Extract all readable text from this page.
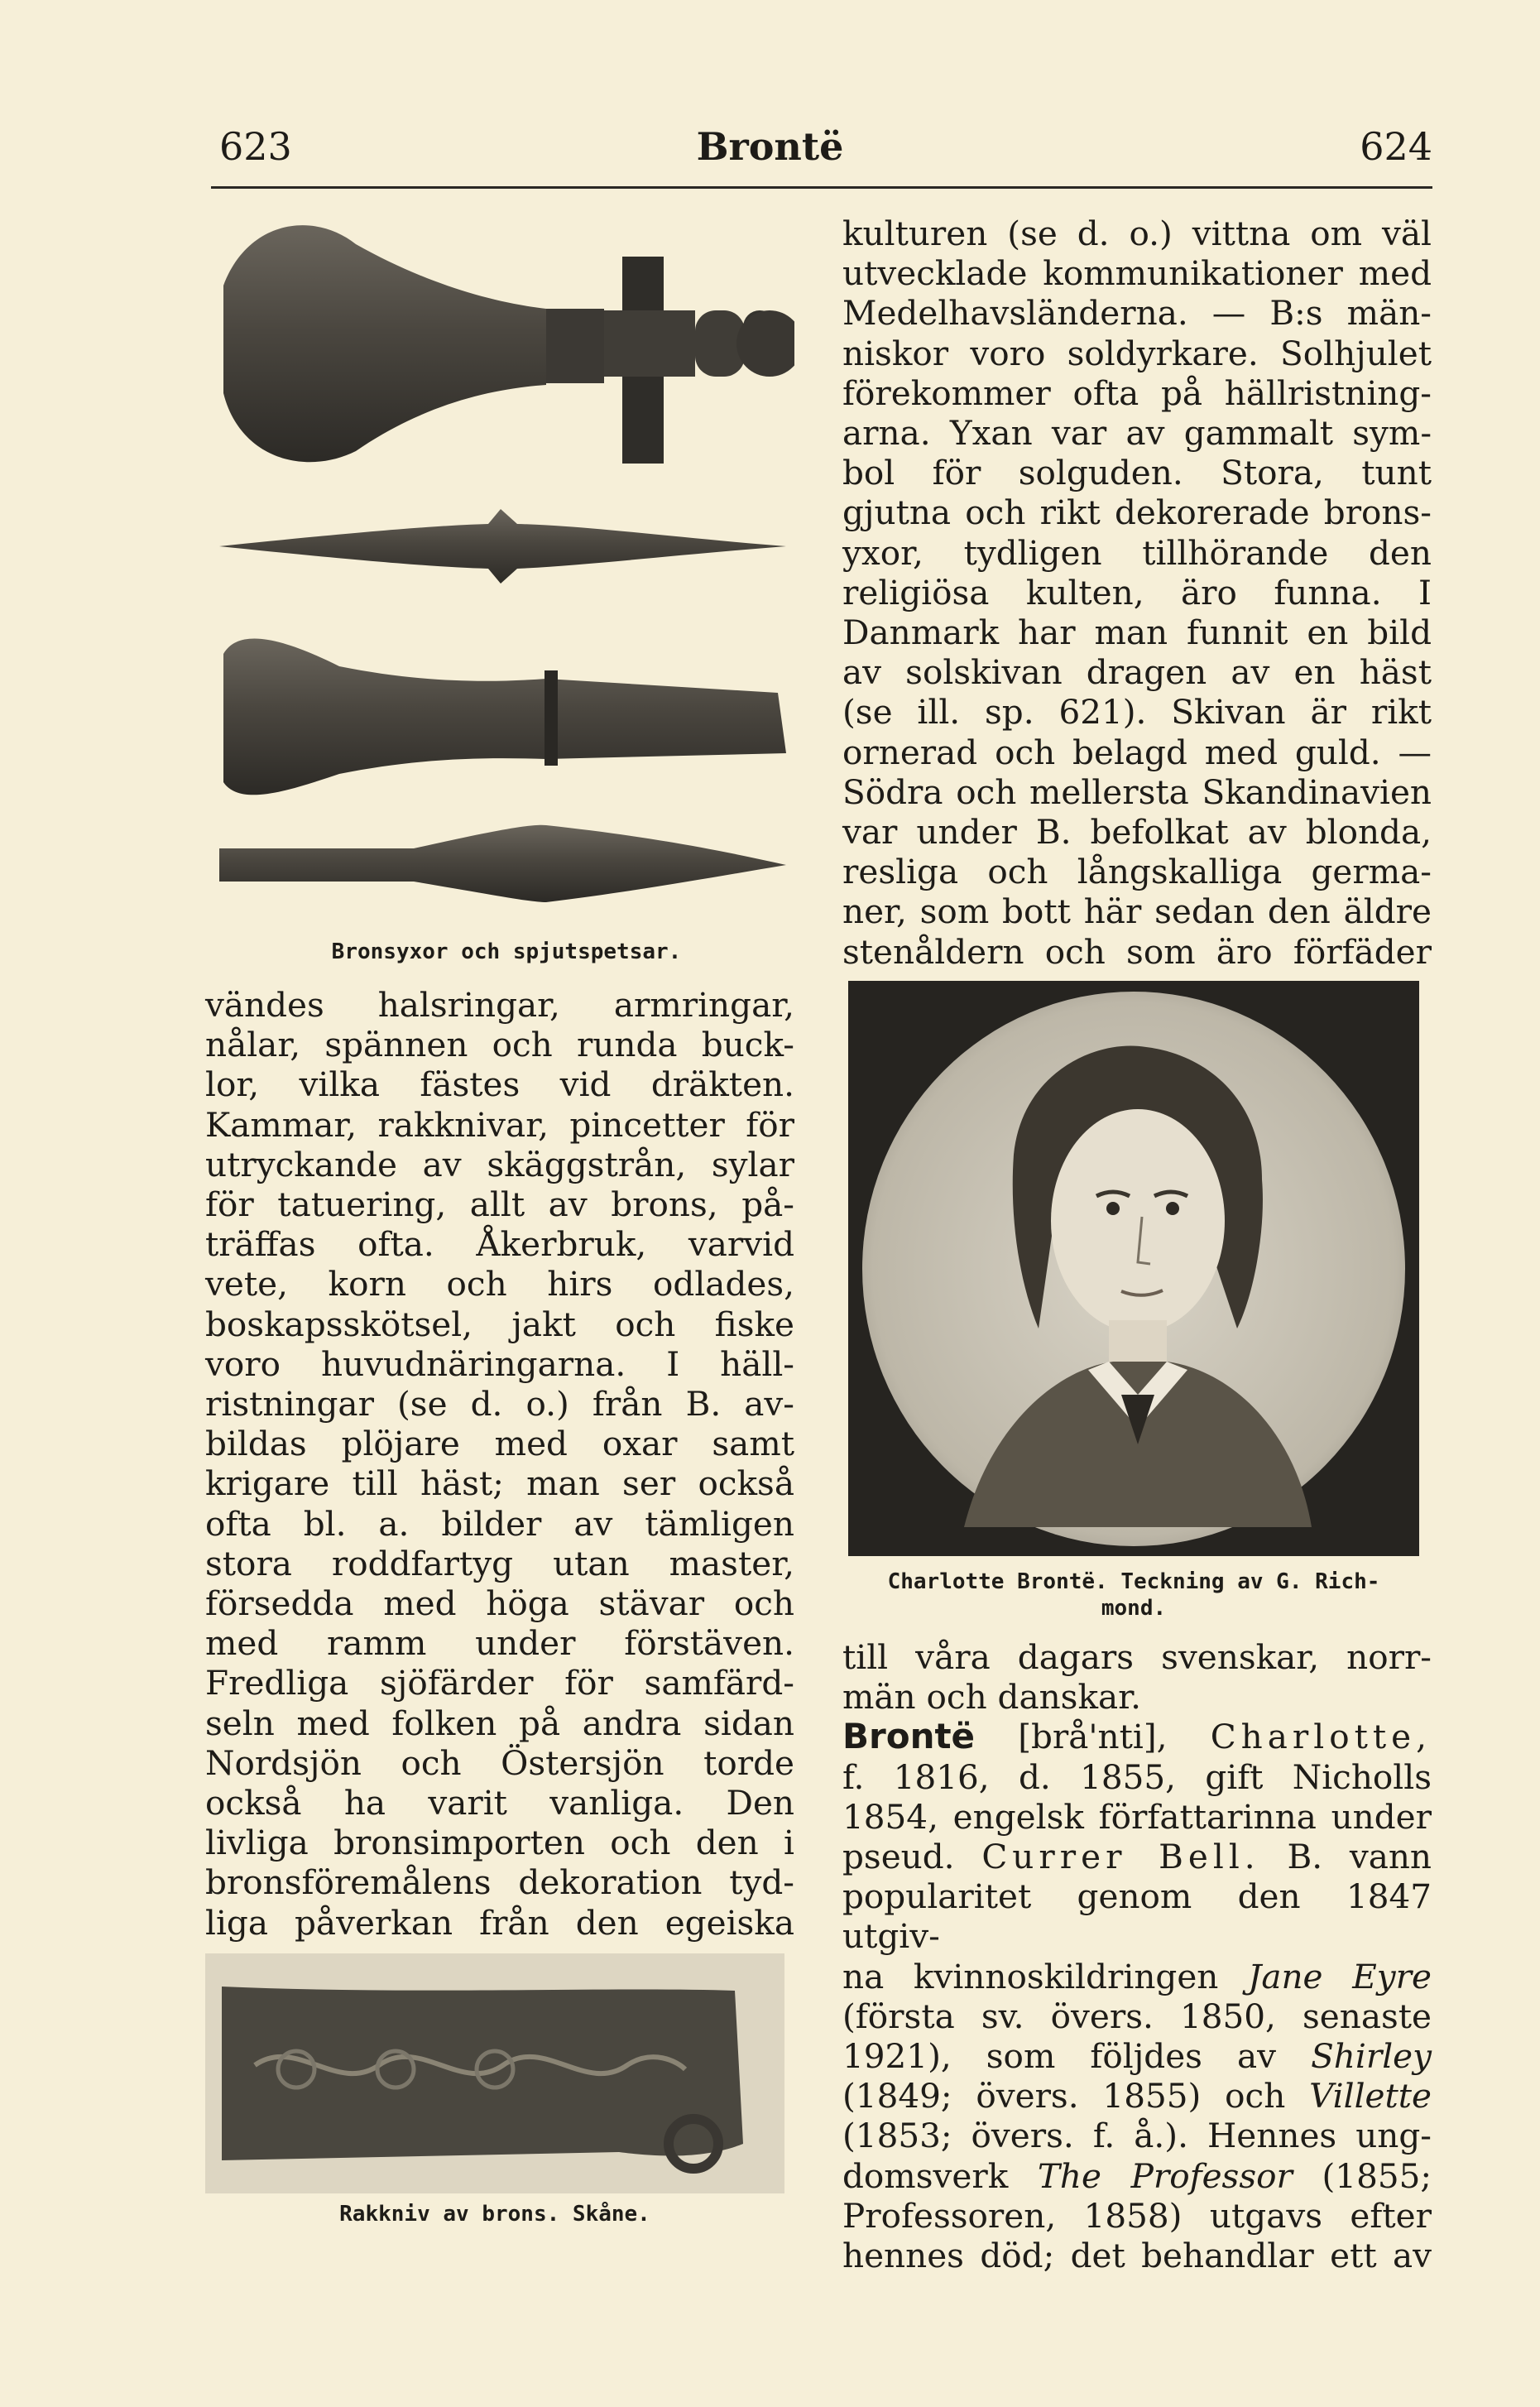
623	Brontë	624
Bronsyxor och spjutspetsar.

vändes halsringar, armringar,

nålar, spännen och runda buck-

lor, vilka fästes vid dräkten.

Kammar, rakknivar, pincetter för

utryckande av skäggstrån, sylar

för tatuering, allt av brons, på-

träffas ofta. Åkerbruk, varvid

vete, korn och hirs odlades,

boskapsskötsel, jakt och fiske

voro huvudnäringarna. I häll-

ristningar (se d. o.) från B. av-

bildas plöjare med oxar samt

krigare till häst; man ser också

ofta bl. a. bilder av tämligen

stora roddfartyg utan master,

försedda med höga stävar och

med ramm under förstäven.

Fredliga sjöfärder för samfärd-

seln med folken på andra sidan

Nordsjön och Östersjön torde

också ha varit vanliga. Den

livliga bronsimporten och den i

bronsföremålens dekoration tyd-

liga påverkan från den egeiska

Rakkniv av brons. Skåne.

kulturen (se d. o.) vittna om väl

utvecklade kommunikationer med

Medelhavsländerna. — B:s män-

niskor voro soldyrkare. Solhjulet

förekommer ofta på hällristning-

arna. Yxan var av gammalt sym-

bol för solguden. Stora, tunt

gjutna och rikt dekorerade brons-

yxor, tydligen tillhörande den

religiösa kulten, äro funna. I

Danmark har man funnit en bild

av solskivan dragen av en häst

(se ill. sp. 621). Skivan är rikt

ornerad och belagd med guld. —

Södra och mellersta Skandinavien

var under B. befolkat av blonda,

resliga och långskalliga germa-

ner, som bott här sedan den äldre

stenåldern och som äro förfäder

Charlotte Brontë. Teckning av G. Rich-
mond.

till våra dagars svenskar, norr-

män och danskar.

Brontë [brå'nti], Charlotte,

f. 1816, d. 1855, gift Nicholls

1854, engelsk författarinna under

pseud. Currer Bell. B. vann

popularitet genom den 1847 utgiv-

na kvinnoskildringen Jane Eyre

(första sv. övers. 1850, senaste

1921), som följdes av Shirley

(1849; övers. 1855) och Villette

(1853; övers. f. å.). Hennes ung-

domsverk The Professor (1855;

Professoren, 1858) utgavs efter

hennes död; det behandlar ett av
